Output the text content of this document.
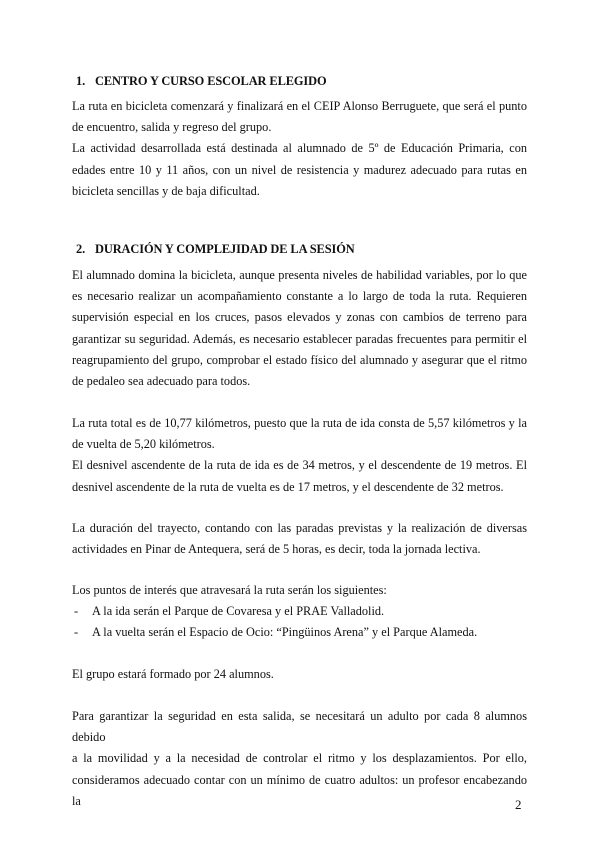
1. CENTRO Y CURSO ESCOLAR ELEGIDO
La ruta en bicicleta comenzará y finalizará en el CEIP Alonso Berruguete, que será el punto
de encuentro, salida y regreso del grupo.
La actividad desarrollada está destinada al alumnado de 5º de Educación Primaria, con
edades entre 10 y 11 años, con un nivel de resistencia y madurez adecuado para rutas en
bicicleta sencillas y de baja dificultad.
2. DURACIÓN Y COMPLEJIDAD DE LA SESIÓN
El alumnado domina la bicicleta, aunque presenta niveles de habilidad variables, por lo que
es necesario realizar un acompañamiento constante a lo largo de toda la ruta. Requieren
supervisión especial en los cruces, pasos elevados y zonas con cambios de terreno para
garantizar su seguridad. Además, es necesario establecer paradas frecuentes para permitir el
reagrupamiento del grupo, comprobar el estado físico del alumnado y asegurar que el ritmo
de pedaleo sea adecuado para todos.
La ruta total es de 10,77 kilómetros, puesto que la ruta de ida consta de 5,57 kilómetros y la
de vuelta de 5,20 kilómetros.
El desnivel ascendente de la ruta de ida es de 34 metros, y el descendente de 19 metros. El
desnivel ascendente de la ruta de vuelta es de 17 metros, y el descendente de 32 metros.
La duración del trayecto, contando con las paradas previstas y la realización de diversas
actividades en Pinar de Antequera, será de 5 horas, es decir, toda la jornada lectiva.
Los puntos de interés que atravesará la ruta serán los siguientes:
- A la ida serán el Parque de Covaresa y el PRAE Valladolid.
- A la vuelta serán el Espacio de Ocio: “Pingüinos Arena” y el Parque Alameda.
El grupo estará formado por 24 alumnos.
Para garantizar la seguridad en esta salida, se necesitará un adulto por cada 8 alumnos debido
a la movilidad y a la necesidad de controlar el ritmo y los desplazamientos. Por ello,
consideramos adecuado contar con un mínimo de cuatro adultos: un profesor encabezando la	2
